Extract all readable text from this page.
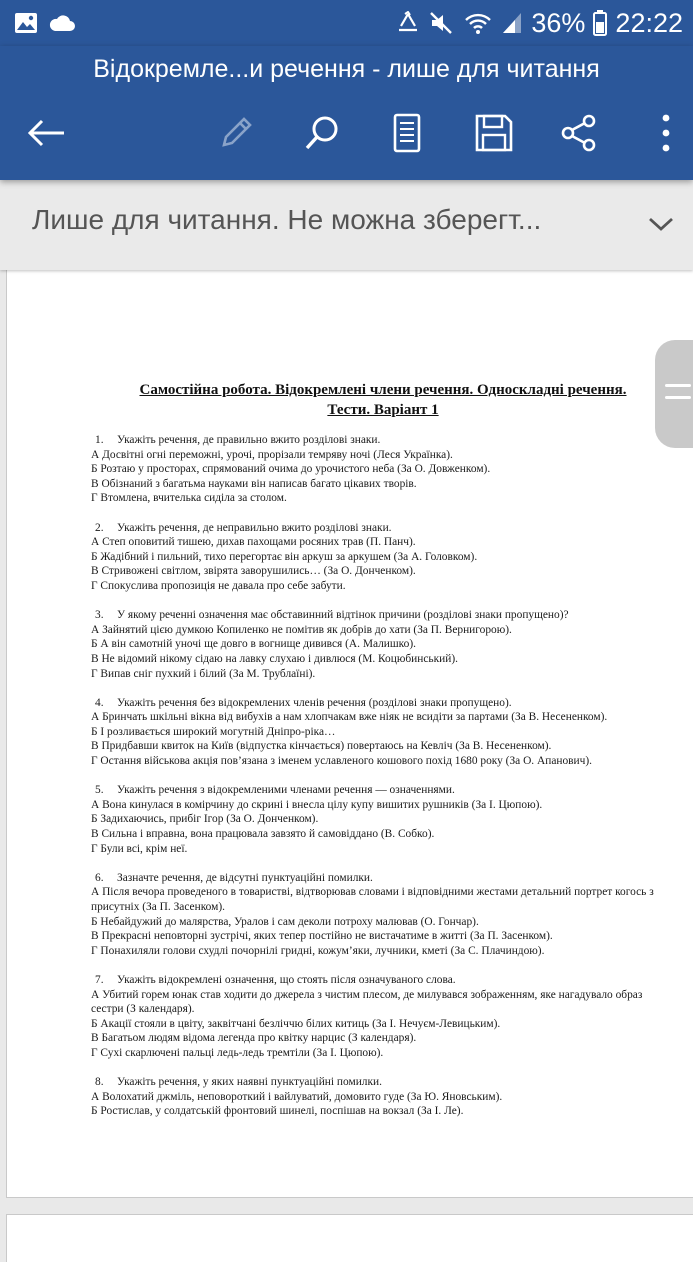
36% 22:22
Відокремле...и речення - лише для читання
Лише для читання. Не можна зберегт...
Самостійна робота. Відокремлені члени речення. Односкладні речення.
Тести. Варіант 1
1. Укажіть речення, де правильно вжито розділові знаки.
А Досвітні огні переможні, урочі, прорізали темряву ночі (Леся Українка).
Б Розтаю у просторах, спрямований очима до урочистого неба (За О. Довженком).
В Обізнаний з багатьма науками він написав багато цікавих творів.
Г Втомлена, вчителька сиділа за столом.
2. Укажіть речення, де неправильно вжито розділові знаки.
А Степ оповитий тишею, дихав пахощами росяних трав (П. Панч).
Б Жадібний і пильний, тихо перегортає він аркуш за аркушем (За А. Головком).
В Стривожені світлом, звірята заворушились… (За О. Донченком).
Г Спокуслива пропозиція не давала про себе забути.
3. У якому реченні означення має обставинний відтінок причини (розділові знаки пропущено)?
А Зайнятий цією думкою Копиленко не помітив як добрів до хати (За П. Вернигорою).
Б А він самотній уночі ще довго в вогнище дивився (А. Малишко).
В Не відомий нікому сідаю на лавку слухаю і дивлюся (М. Коцюбинський).
Г Випав сніг пухкий і білий (За М. Трублаїні).
4. Укажіть речення без відокремлених членів речення (розділові знаки пропущено).
А Бринчать шкільні вікна від вибухів а нам хлопчакам вже ніяк не всидіти за партами (За В. Несененком).
Б І розливається широкий могутній Дніпро-ріка…
В Придбавши квиток на Київ (відпустка кінчається) повертаюсь на Кевліч (За В. Несененком).
Г Остання військова акція пов’язана з іменем уславленого кошового похід 1680 року (За О. Апанович).
5. Укажіть речення з відокремленими членами речення — означеннями.
А Вона кинулася в комірчину до скрині і внесла цілу купу вишитих рушників (За І. Цюпою).
Б Задихаючись, прибіг Ігор (За О. Донченком).
В Сильна і вправна, вона працювала завзято й самовіддано (В. Собко).
Г Були всі, крім неї.
6. Зазначте речення, де відсутні пунктуаційні помилки.
А Після вечора проведеного в товаристві, відтворював словами і відповідними жестами детальний портрет когось з присутніх (За П. Засенком).
Б Небайдужий до малярства, Уралов і сам деколи потроху малював (О. Гончар).
В Прекрасні неповторні зустрічі, яких тепер постійно не вистачатиме в житті (За П. Засенком).
Г Понахиляли голови схудлі почорнілі гридні, кожум’яки, лучники, кметі (За С. Плачиндою).
7. Укажіть відокремлені означення, що стоять після означуваного слова.
А Убитий горем юнак став ходити до джерела з чистим плесом, де милувався зображенням, яке нагадувало образ сестри (З календаря).
Б Акації стояли в цвіту, заквітчані безліччю білих китиць (За І. Нечуєм-Левицьким).
В Багатьом людям відома легенда про квітку нарцис (З календаря).
Г Сухі скарлючені пальці ледь-ледь тремтіли (За І. Цюпою).
8. Укажіть речення, у яких наявні пунктуаційні помилки.
А Волохатий джміль, неповороткий і вайлуватий, домовито гуде (За Ю. Яновським).
Б Ростислав, у солдатській фронтовий шинелі, поспішав на вокзал (За І. Ле).
